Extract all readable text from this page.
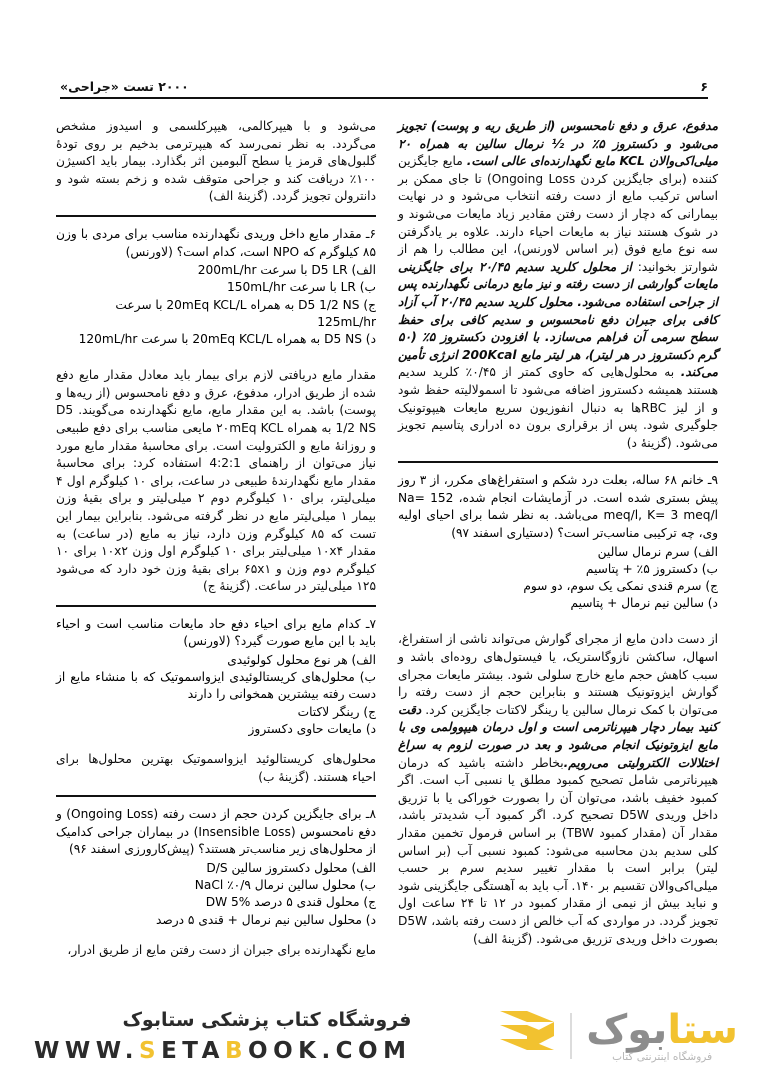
۲۰۰۰ تست «جراحی»	۶

می‌شود و با هیپرکالمی، هیپرکلسمی و اسیدوز مشخص می‌گردد. به نظر نمی‌رسد که هیپرترمی بدخیم بر روی تودهٔ گلبول‌های قرمز یا سطح آلبومین اثر بگذارد. بیمار باید اکسیژن ۱۰۰٪ دریافت کند و جراحی متوقف شده و زخم بسته شود و دانترولن تجویز گردد. (گزینهٔ الف)

۶ـ مقدار مایع داخل وریدی نگهدارنده مناسب برای مردی با وزن ۸۵ کیلوگرم که NPO است، کدام است؟ (لاورنس)

الف) D5 LR با سرعت 200mL/hr

ب) LR با سرعت 150mL/hr

ج) D5 1/2 NS به همراه 20mEq KCL/L با سرعت 125mL/hr

د) D5 NS به همراه 20mEq KCL/L با سرعت 120mL/hr

مقدار مایع دریافتی لازم برای بیمار باید معادل مقدار مایع دفع شده از طریق ادرار، مدفوع، عرق و دفع نامحسوس (از ریه‌ها و پوست) باشد. به این مقدار مایع، مایع نگهدارنده می‌گویند. D5 1/2 NS به همراه ۲۰mEq KCL مایعی مناسب برای دفع طبیعی و روزانهٔ مایع و الکترولیت است. برای محاسبهٔ مقدار مایع مورد نیاز می‌توان از راهنمای 4:2:1 استفاده کرد: برای محاسبهٔ مقدار مایع نگهدارندهٔ طبیعی در ساعت، برای ۱۰ کیلوگرم اول ۴ میلی‌لیتر، برای ۱۰ کیلوگرم دوم ۲ میلی‌لیتر و برای بقیهٔ وزن بیمار ۱ میلی‌لیتر مایع در نظر گرفته می‌شود. بنابراین بیمار این تست که ۸۵ کیلوگرم وزن دارد، نیاز به مایع (در ساعت) به مقدار ۱۰x۴ میلی‌لیتر برای ۱۰ کیلوگرم اول وزن ۱۰x۲ برای ۱۰ کیلوگرم دوم وزن و ۶۵x۱ برای بقیهٔ وزن خود دارد که می‌شود ۱۲۵ میلی‌لیتر در ساعت. (گزینهٔ ج)

۷ـ کدام مایع برای احیاء دفع حاد مایعات مناسب است و احیاء باید با این مایع صورت گیرد؟ (لاورنس)

الف) هر نوع محلول کولوئیدی

ب) محلول‌های کریستالوئیدی ایزواسموتیک که با منشاء مایع از دست رفته بیشترین همخوانی را دارند

ج) رینگر لاکتات

د) مایعات حاوی دکستروز

محلول‌های کریستالوئید ایزواسموتیک بهترین محلول‌ها برای احیاء هستند. (گزینهٔ ب)

۸ـ برای جایگزین کردن حجم از دست رفته (Ongoing Loss) و دفع نامحسوس (Insensible Loss) در بیماران جراحی کدامیک از محلول‌های زیر مناسب‌تر هستند؟ (پیش‌کارورزی اسفند ۹۶)

الف) محلول دکستروز سالین D/S

ب) محلول سالین نرمال ۰/۹٪ NaCl

ج) محلول قندی ۵ درصد DW 5%

د) محلول سالین نیم نرمال + قندی ۵ درصد

مایع نگهدارنده برای جبران از دست رفتن مایع از طریق ادرار،

مدفوع، عرق و دفع نامحسوس (از طریق ریه و پوست) تجویز می‌شود و دکستروز ۵٪ در ½ نرمال سالین به همراه ۲۰ میلی‌اکی‌والان KCL مایع نگهدارنده‌ای عالی است. مایع جایگزین کننده (برای جایگزین کردن Ongoing Loss) تا جای ممکن بر اساس ترکیب مایع از دست رفته انتخاب می‌شود و در نهایت بیمارانی که دچار از دست رفتن مقادیر زیاد مایعات می‌شوند و در شوک هستند نیاز به مایعات احیاء دارند. علاوه بر یادگرفتن سه نوع مایع فوق (بر اساس لاورنس)، این مطالب را هم از شوارتز بخوانید: از محلول کلرید سدیم ۲۰/۴۵ برای جایگزینی مایعات گوارشی از دست رفته و نیز مایع درمانی نگهدارنده پس از جراحی استفاده می‌شود. محلول کلرید سدیم ۲۰/۴۵ آب آزاد کافی برای جبران دفع نامحسوس و سدیم کافی برای حفظ سطح سرمی آن فراهم می‌سازد. با افزودن دکستروز ۵٪ (۵۰ گرم دکستروز در هر لیتر)، هر لیتر مایع 200Kcal انرژی تأمین می‌کند. به محلول‌هایی که حاوی کمتر از ۰/۴۵٪ کلرید سدیم هستند همیشه دکستروز اضافه می‌شود تا اسمولالیته حفظ شود و از لیز RBCها به دنبال انفوزیون سریع مایعات هیپوتونیک جلوگیری شود. پس از برقراری برون ده ادراری پتاسیم تجویز می‌شود. (گزینهٔ د)

۹ـ خانم ۶۸ ساله، بعلت درد شکم و استفراغ‌های مکرر، از ۳ روز پیش بستری شده است. در آزمایشات انجام شده، Na= 152 meq/l, K= 3 meq/l می‌باشد. به نظر شما برای احیای اولیه وی، چه ترکیبی مناسب‌تر است؟ (دستیاری اسفند ۹۷)

الف) سرم نرمال سالین

ب) دکستروز ۵٪ + پتاسیم

ج) سرم قندی نمکی یک سوم، دو سوم

د) سالین نیم نرمال + پتاسیم

از دست دادن مایع از مجرای گوارش می‌تواند ناشی از استفراغ، اسهال، ساکشن نازوگاستریک، یا فیستول‌های روده‌ای باشد و سبب کاهش حجم مایع خارج سلولی شود. بیشتر مایعات مجرای گوارش ایزوتونیک هستند و بنابراین حجم از دست رفته را می‌توان با کمک نرمال سالین یا رینگر لاکتات جایگزین کرد. دقت کنید بیمار دچار هیپرناترمی است و اول درمان هیپوولمی وی با مایع ایزوتونیک انجام می‌شود و بعد در صورت لزوم به سراغ اختلالات الکترولیتی می‌رویم.بخاطر داشته باشید که درمان هیپرناترمی شامل تصحیح کمبود مطلق یا نسبی آب است. اگر کمبود خفیف باشد، می‌توان آن را بصورت خوراکی یا با تزریق داخل وریدی D5W تصحیح کرد. اگر کمبود آب شدیدتر باشد، مقدار آن (مقدار کمبود TBW) بر اساس فرمول تخمین مقدار کلی سدیم بدن محاسبه می‌شود: کمبود نسبی آب (بر اساس لیتر) برابر است با مقدار تغییر سدیم سرم بر حسب میلی‌اکی‌والان تقسیم بر ۱۴۰. آب باید به آهستگی جایگزینی شود و نباید بیش از نیمی از مقدار کمبود در ۱۲ تا ۲۴ ساعت اول تجویز گردد. در مواردی که آب خالص از دست رفته باشد، D5W بصورت داخل وریدی تزریق می‌شود. (گزینهٔ الف)

ستابوک
فروشگاه اینترنتی کتاب
فروشگاه کتاب پزشکی ستابوک
WWW.SETABOOK.COM
